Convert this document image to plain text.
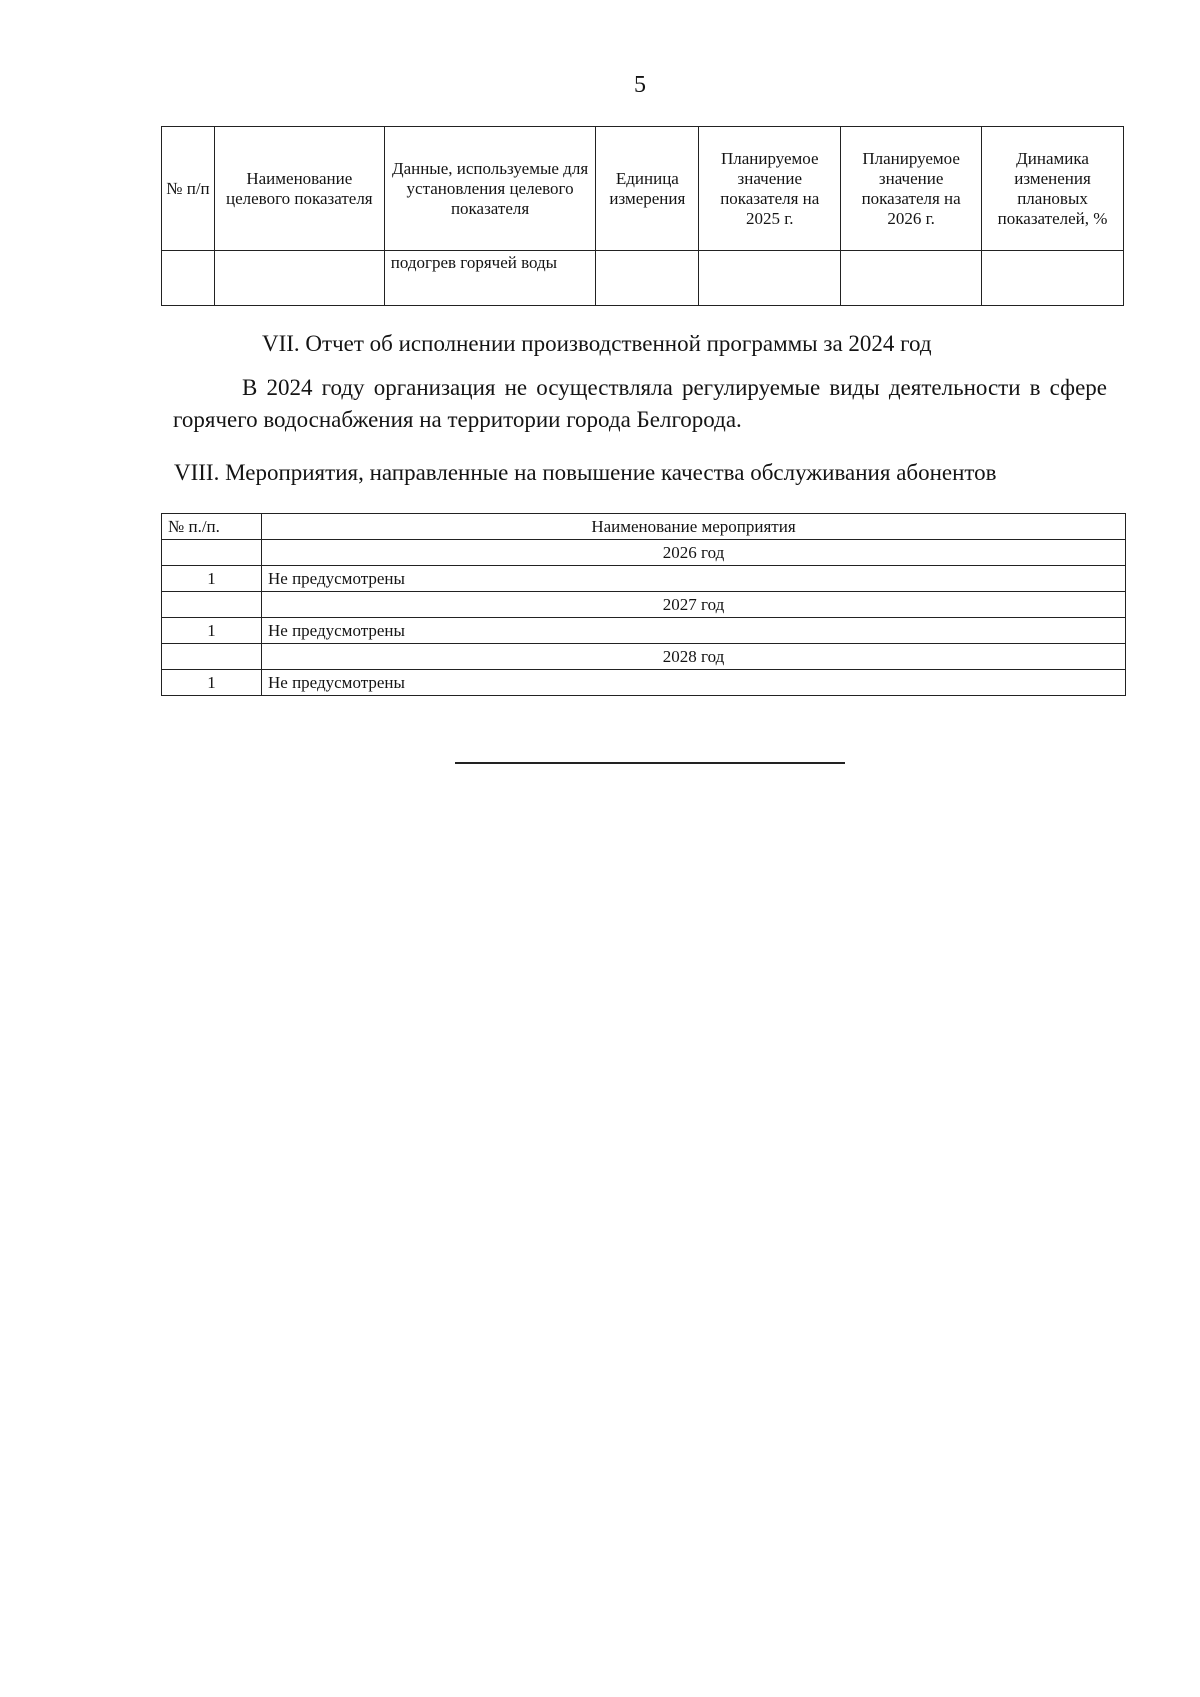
5
№ п/п	Наименование целевого показателя	Данные, используемые для установления целевого показателя	Единица измерения	Планируемое значение показателя на 2025 г.	Планируемое значение показателя на 2026 г.	Динамика изменения плановых показателей, %
		подогрев горячей воды				
VII. Отчет об исполнении производственной программы за 2024 год
В 2024 году организация не осуществляла регулируемые виды деятельности в сфере горячего водоснабжения на территории города Белгорода.
VIII. Мероприятия, направленные на повышение качества обслуживания абонентов
№ п./п.	Наименование мероприятия
	2026 год
1	Не предусмотрены
	2027 год
1	Не предусмотрены
	2028 год
1	Не предусмотрены
